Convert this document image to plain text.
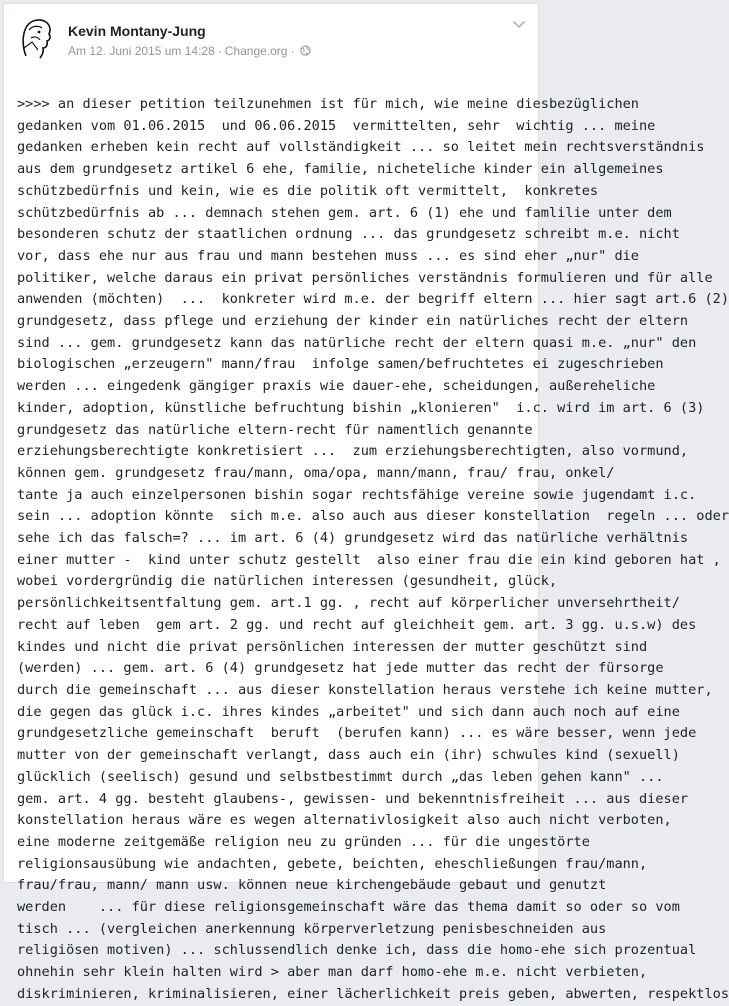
Kevin Montany-Jung
Am 12. Juni 2015 um 14:28 · Change.org ·
>>>> an dieser petition teilzunehmen ist für mich, wie meine diesbezüglichen
gedanken vom 01.06.2015  und 06.06.2015  vermittelten, sehr  wichtig ... meine
gedanken erheben kein recht auf vollständigkeit ... so leitet mein rechtsverständnis
aus dem grundgesetz artikel 6 ehe, familie, nicheteliche kinder ein allgemeines
schützbedürfnis und kein, wie es die politik oft vermittelt,  konkretes
schützbedürfnis ab ... demnach stehen gem. art. 6 (1) ehe und famlilie unter dem
besonderen schutz der staatlichen ordnung ... das grundgesetz schreibt m.e. nicht
vor, dass ehe nur aus frau und mann bestehen muss ... es sind eher „nur" die
politiker, welche daraus ein privat persönliches verständnis formulieren und für alle
anwenden (möchten)  ...  konkreter wird m.e. der begriff eltern ... hier sagt art.6 (2)
grundgesetz, dass pflege und erziehung der kinder ein natürliches recht der eltern
sind ... gem. grundgesetz kann das natürliche recht der eltern quasi m.e. „nur" den
biologischen „erzeugern" mann/frau  infolge samen/befruchtetes ei zugeschrieben
werden ... eingedenk gängiger praxis wie dauer-ehe, scheidungen, außereheliche
kinder, adoption, künstliche befruchtung bishin „klonieren"  i.c. wird im art. 6 (3)
grundgesetz das natürliche eltern-recht für namentlich genannte
erziehungsberechtigte konkretisiert ...  zum erziehungsberechtigten, also vormund,
können gem. grundgesetz frau/mann, oma/opa, mann/mann, frau/ frau, onkel/
tante ja auch einzelpersonen bishin sogar rechtsfähige vereine sowie jugendamt i.c.
sein ... adoption könnte  sich m.e. also auch aus dieser konstellation  regeln ... oder
sehe ich das falsch=? ... im art. 6 (4) grundgesetz wird das natürliche verhältnis
einer mutter -  kind unter schutz gestellt  also einer frau die ein kind geboren hat ,
wobei vordergründig die natürlichen interessen (gesundheit, glück,
persönlichkeitsentfaltung gem. art.1 gg. , recht auf körperlicher unversehrtheit/
recht auf leben  gem art. 2 gg. und recht auf gleichheit gem. art. 3 gg. u.s.w) des
kindes und nicht die privat persönlichen interessen der mutter geschützt sind
(werden) ... gem. art. 6 (4) grundgesetz hat jede mutter das recht der fürsorge
durch die gemeinschaft ... aus dieser konstellation heraus verstehe ich keine mutter,
die gegen das glück i.c. ihres kindes „arbeitet" und sich dann auch noch auf eine
grundgesetzliche gemeinschaft  beruft  (berufen kann) ... es wäre besser, wenn jede
mutter von der gemeinschaft verlangt, dass auch ein (ihr) schwules kind (sexuell)
glücklich (seelisch) gesund und selbstbestimmt durch „das leben gehen kann" ...
gem. art. 4 gg. besteht glaubens-, gewissen- und bekenntnisfreiheit ... aus dieser
konstellation heraus wäre es wegen alternativlosigkeit also auch nicht verboten,
eine moderne zeitgemäße religion neu zu gründen ... für die ungestörte
religionsausübung wie andachten, gebete, beichten, eheschließungen frau/mann,
frau/frau, mann/ mann usw. können neue kirchengebäude gebaut und genutzt
werden    ... für diese religionsgemeinschaft wäre das thema damit so oder so vom
tisch ... (vergleichen anerkennung körperverletzung penisbeschneiden aus
religiösen motiven) ... schlussendlich denke ich, dass die homo-ehe sich prozentual
ohnehin sehr klein halten wird > aber man darf homo-ehe m.e. nicht verbieten,
diskriminieren, kriminalisieren, einer lächerlichkeit preis geben, abwerten, respektlos
